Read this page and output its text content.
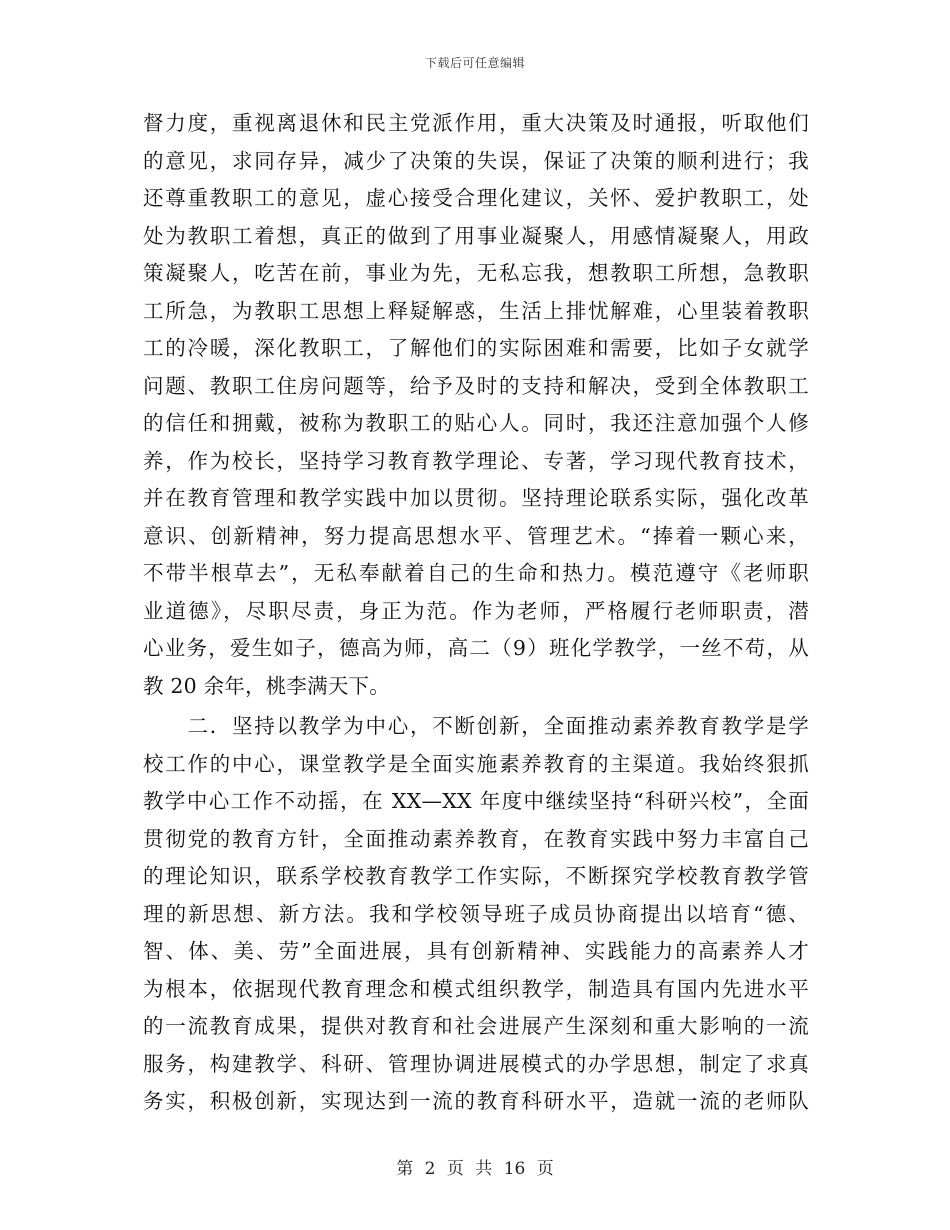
下载后可任意编辑
督力度，重视离退休和民主党派作用，重大决策及时通报，听取他们
的意见，求同存异，减少了决策的失误，保证了决策的顺利进行；我
还尊重教职工的意见，虚心接受合理化建议，关怀、爱护教职工，处
处为教职工着想，真正的做到了用事业凝聚人，用感情凝聚人，用政
策凝聚人，吃苦在前，事业为先，无私忘我，想教职工所想，急教职
工所急，为教职工思想上释疑解惑，生活上排忧解难，心里装着教职
工的冷暖，深化教职工，了解他们的实际困难和需要，比如子女就学
问题、教职工住房问题等，给予及时的支持和解决，受到全体教职工
的信任和拥戴，被称为教职工的贴心人。同时，我还注意加强个人修
养，作为校长，坚持学习教育教学理论、专著，学习现代教育技术，
并在教育管理和教学实践中加以贯彻。坚持理论联系实际，强化改革
意识、创新精神，努力提高思想水平、管理艺术。“捧着一颗心来，
不带半根草去”，无私奉献着自己的生命和热力。模范遵守《老师职
业道德》，尽职尽责，身正为范。作为老师，严格履行老师职责，潜
心业务，爱生如子，德高为师，高二（9）班化学教学，一丝不苟，从
教 20 余年，桃李满天下。
　　二．坚持以教学为中心，不断创新，全面推动素养教育教学是学
校工作的中心，课堂教学是全面实施素养教育的主渠道。我始终狠抓
教学中心工作不动摇，在 XX—XX 年度中继续坚持“科研兴校”，全面
贯彻党的教育方针，全面推动素养教育，在教育实践中努力丰富自己
的理论知识，联系学校教育教学工作实际，不断探究学校教育教学管
理的新思想、新方法。我和学校领导班子成员协商提出以培育“德、
智、体、美、劳”全面进展，具有创新精神、实践能力的高素养人才
为根本，依据现代教育理念和模式组织教学，制造具有国内先进水平
的一流教育成果，提供对教育和社会进展产生深刻和重大影响的一流
服务，构建教学、科研、管理协调进展模式的办学思想，制定了求真
务实，积极创新，实现达到一流的教育科研水平，造就一流的老师队
第 2 页 共 16 页
